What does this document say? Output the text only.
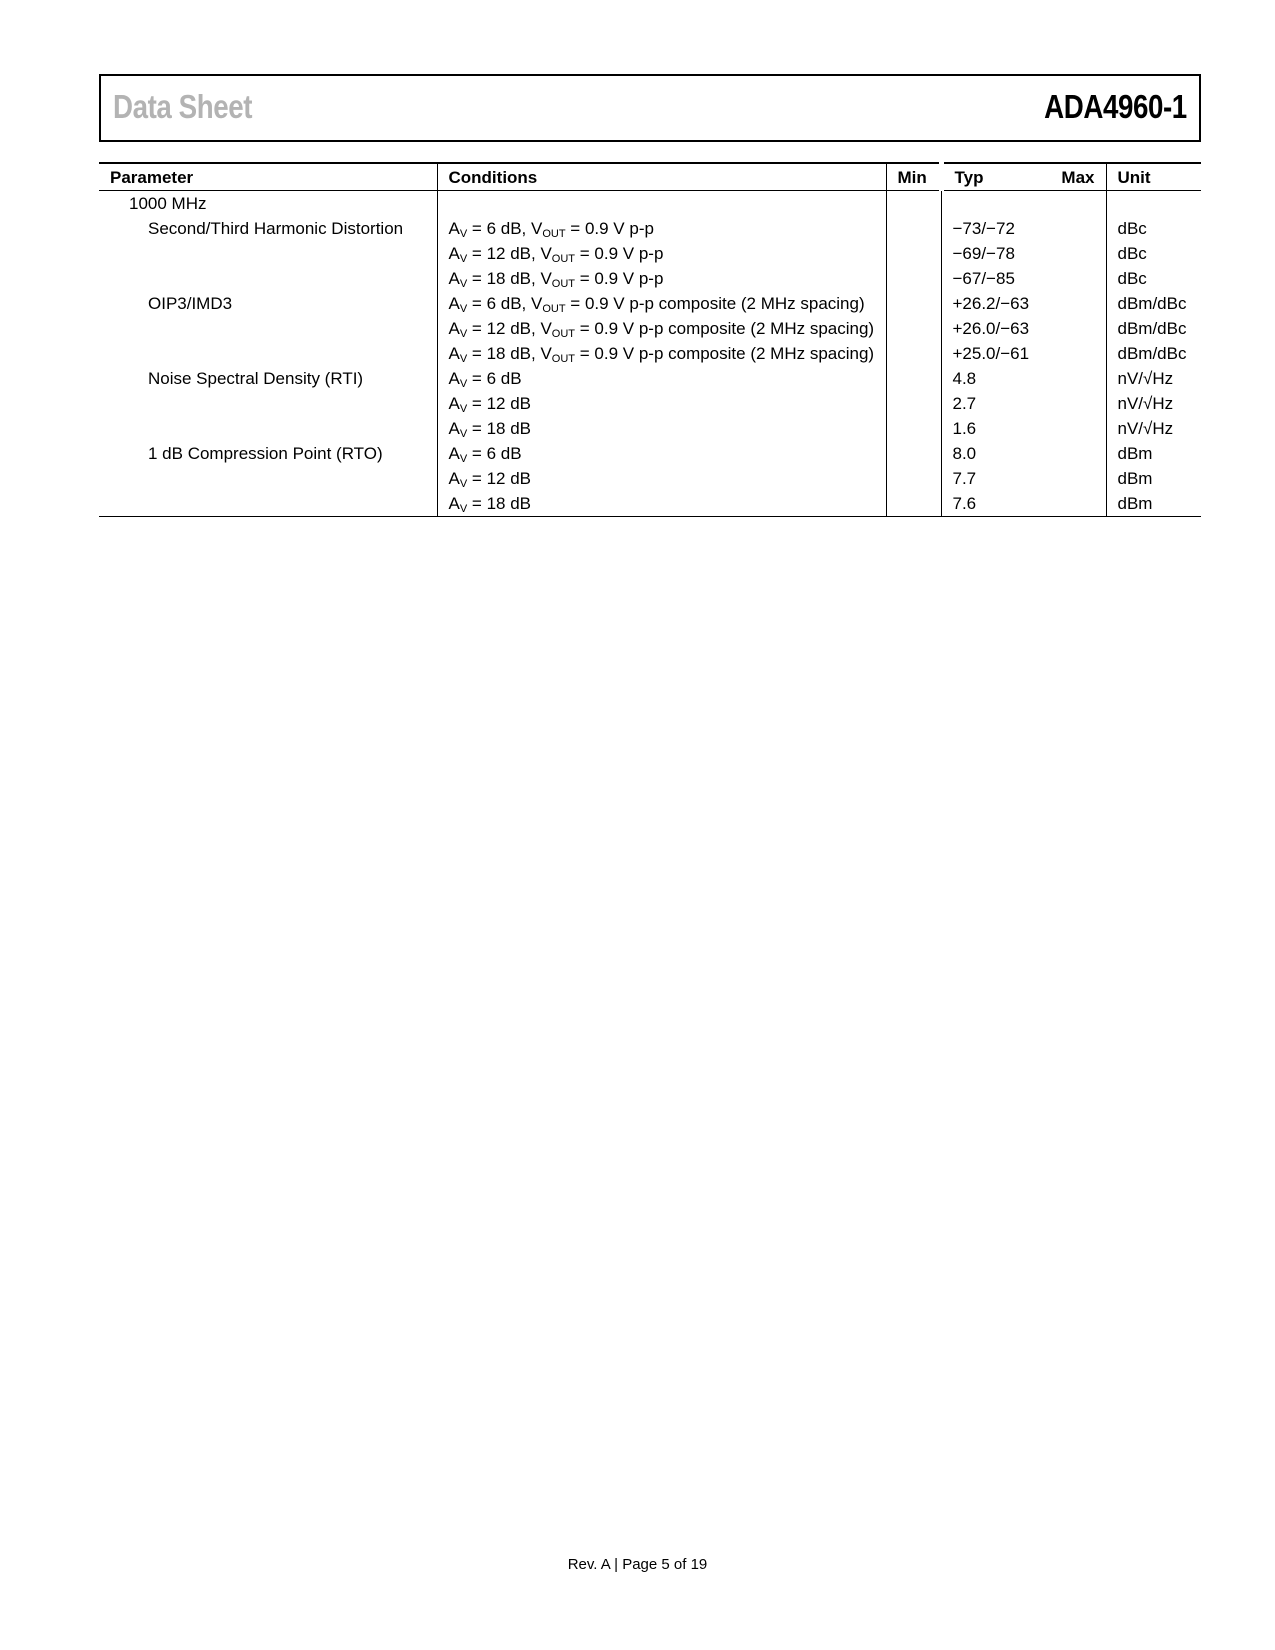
Data Sheet	ADA4960-1
Parameter	Conditions	Min	Typ	Max	Unit
1000 MHz					
Second/Third Harmonic Distortion	$A_V = 6$ dB, $V_{OUT} = 0.9$ V p-p		−73/−72		dBc
	$A_V = 12$ dB, $V_{OUT} = 0.9$ V p-p		−69/−78		dBc
	$A_V = 18$ dB, $V_{OUT} = 0.9$ V p-p		−67/−85		dBc
OIP3/IMD3	$A_V = 6$ dB, $V_{OUT} = 0.9$ V p-p composite (2 MHz spacing)		+26.2/−63		dBm/dBc
	$A_V = 12$ dB, $V_{OUT} = 0.9$ V p-p composite (2 MHz spacing)		+26.0/−63		dBm/dBc
	$A_V = 18$ dB, $V_{OUT} = 0.9$ V p-p composite (2 MHz spacing)		+25.0/−61		dBm/dBc
Noise Spectral Density (RTI)	$A_V = 6$ dB		4.8		nV/√Hz
	$A_V = 12$ dB		2.7		nV/√Hz
	$A_V = 18$ dB		1.6		nV/√Hz
1 dB Compression Point (RTO)	$A_V = 6$ dB		8.0		dBm
	$A_V = 12$ dB		7.7		dBm
	$A_V = 18$ dB		7.6		dBm
Rev. A | Page 5 of 19
